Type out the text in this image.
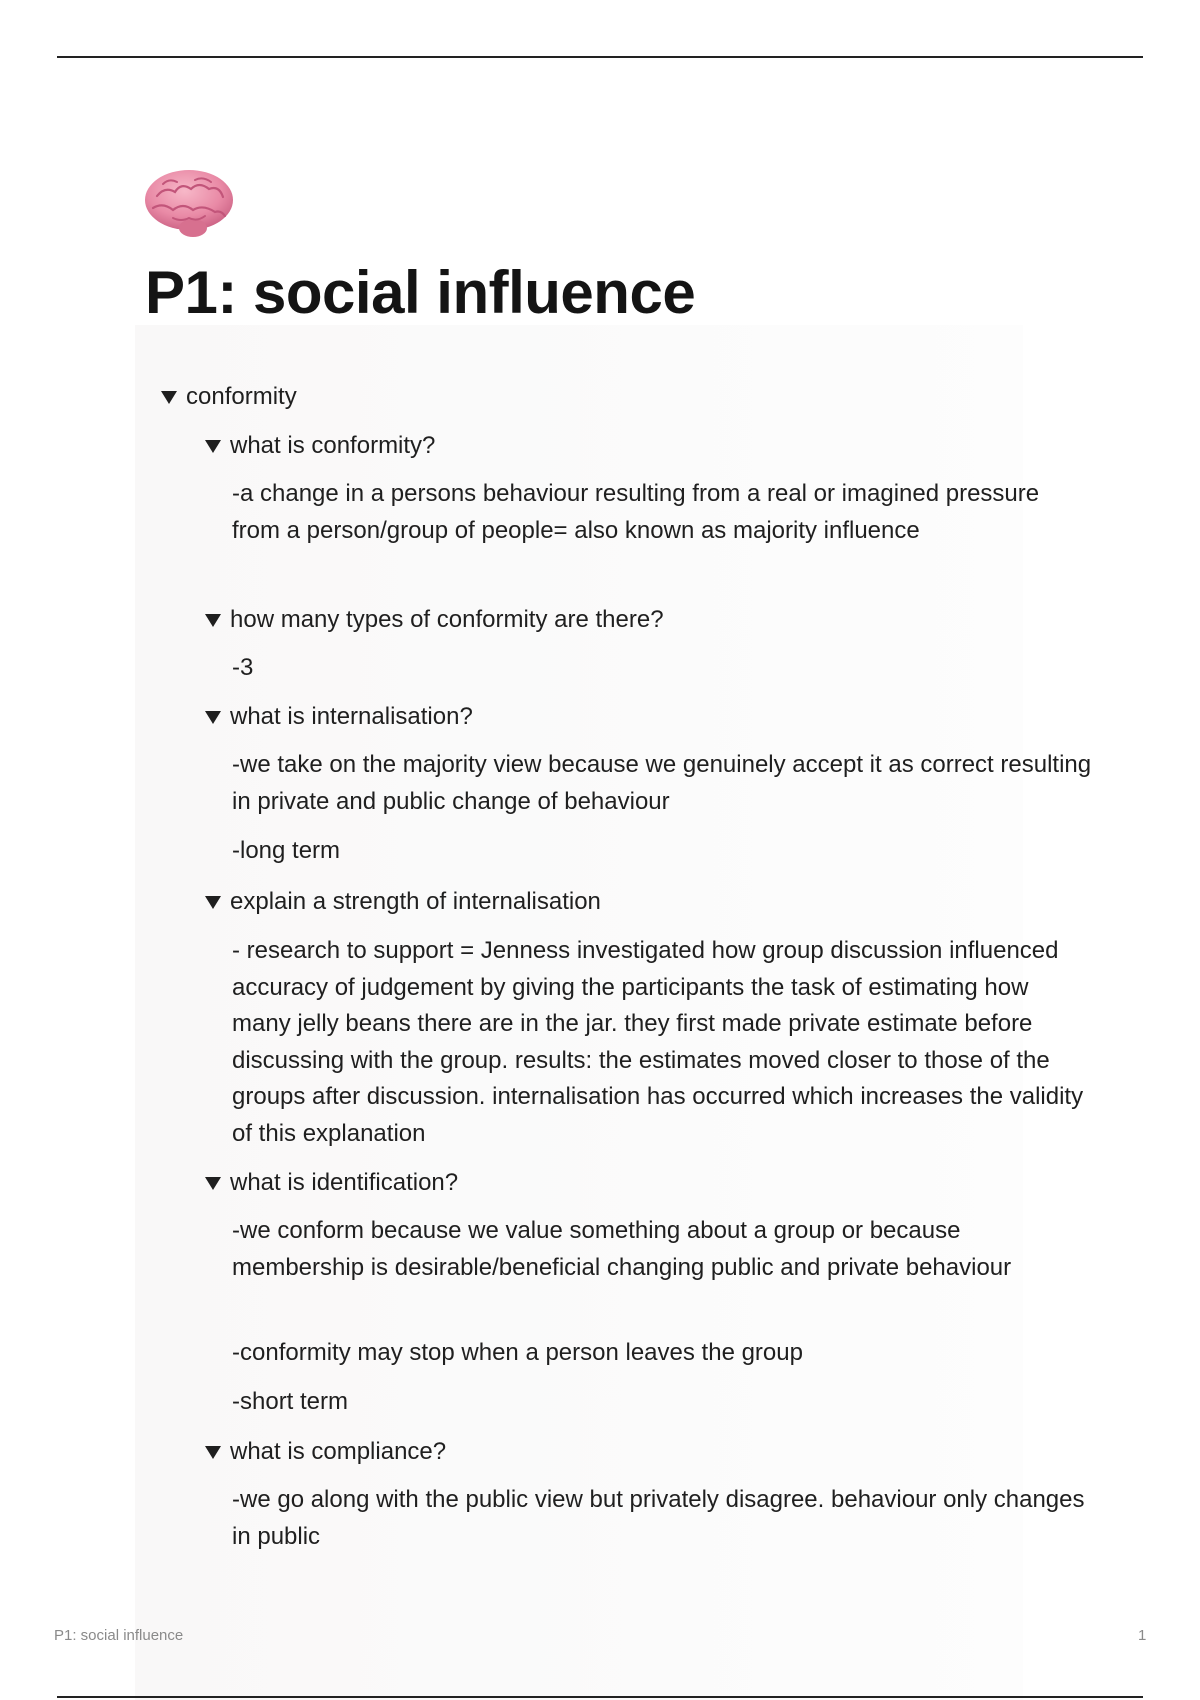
P1: social influence
conformity
what is conformity?

-a change in a persons behaviour resulting from a real or imagined pressure from a person/group of people= also known as majority influence

how many types of conformity are there?

-3

what is internalisation?

-we take on the majority view because we genuinely accept it as correct resulting in private and public change of behaviour

-long term

explain a strength of internalisation

- research to support = Jenness investigated how group discussion influenced accuracy of judgement by giving the participants the task of estimating how many jelly beans there are in the jar. they first made private estimate before discussing with the group. results: the estimates moved closer to those of the groups after discussion. internalisation has occurred which increases the validity of this explanation

what is identification?

-we conform because we value something about a group or because membership is desirable/beneficial changing public and private behaviour

-conformity may stop when a person leaves the group

-short term

what is compliance?

-we go along with the public view but privately disagree. behaviour only changes in public

P1: social influence	1
